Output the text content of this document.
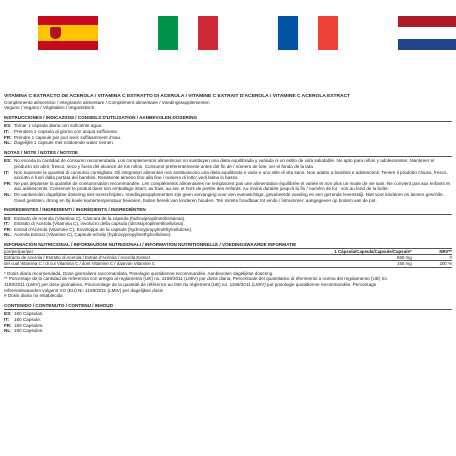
VITAMINA C EXTRACTO DE ACEROLA / VITAMINA C ESTRATTO DI ACEROLA / VITAMINE C EXTRAIT D'ACEROLA / VITAMINE C ACEROLA EXTRACT
Complemento alimenticio / Integratore alimentare / Complément alimentaire / Voedingssupplementen
Vegano / Vegano / Végétalien / Veganistisch
INSTRUCCIONES / INDICAZIONI / CONSEILS D'UTILISATION / AANBEVOLEN DOSERING
ES: Tomar 1 cápsula diaria con suficiente agua.
IT:	Prendere 1 capsula al giorno con acqua sufficiente.
FR: Prendre 1 capsule par jour avec suffisamment d'eau.
NL: Dagelijks 1 capsule met voldoende water nemen.
NOTAS / NOTE / NOTES / NOTITIE
ES: No exceda la cantidad de consumo recomendada. Los complementos alimenticios no sustituyen una dieta equilibrada y variada ni un estilo de vida saludable. No apto para niños y adolescentes. Mantener el producto sin abrir, fresco, seco y fuera del alcance de los niños. Consumir preferentemente antes del fin de / número de lote: ver el fondo de la lata.
IT:	Non superare la quantità di consumo consigliata. Gli integratori alimentari non sostituiscono una dieta equilibrata e varia e uno stile di vita sano. Non adatto a bambini e adolescenti. Tenere il prodotto chiuso, fresco, asciutto e fuori dalla portata dei bambini. Resistente almeno fino alla fine / numero di lotto: vedi latina in basso.
FR: Ne pas dépasser la quantité de consommation recommandée. Les compléments alimentaires ne remplacent pas une alimentation équilibrée et variée et non plus un mode de vie sain. Ne convient pas aux enfants et aux adolescents. Conserver le produit dans son emballage intact, au frais, au sec et hors de portée des enfants. Au moins durable jusqu'à la fin / numéro de lot : voir au fond de la boîte.
NL: De aanbevolen dagelijkse dosering niet overschrijden. Voedingssupplementen zijn geen vervanging voor een evenwichtige, gevarieerde voeding en een gezonde levensstijl. Niet voor kinderen en tieners geschikt. Goed gesloten, droog en bij koele kamertemperatuur bewaren, buiten bereik van kinderen houden. Ten minste houdbaar tot einde / lotnummer: aangegeven op bodem van de pot.
INGREDIENTES / INGREDIENTI / INGRÉDIENTS / INGREDIËNTEN
ES: Extracto de Acerola (Vitamina C), Cáscara de la cápsula (hidroxipropilmetilcelulosa).
IT:	Estratto di Acerola (Vitamina C), involucro della capsula (idrossipropilmetilcellulosa).
FR: Extrait d'Acérola (Vitamine C), Enveloppe de la capsule (hydroxypropylméthylcellulose).
NL: Acerola Extract (Vitamine C), Capsule-schelp (hydroxypropylmethylcellulose).
INFORMACIÓN NUTRICIONAL / INFORMAZIONI NUTRIZIONALI / INFORMATION NUTRITIONNELLE / VOEDINGSWAARDE INFORMATIE
por/per/par/per	1 Cápsula/Capsula/Capsule/Capsule*	NRV**
Extracto de Acerola / Estratto di Acerola / Extrait d'Acérola / Acerola Extract	860 mg	#
del cual Vitamina C / di cui Vitamina C / dont Vitamine C / daarvan Vitamine C	160 mg	200 %
* Dosis diaria recomendada, Dose giornaliera raccomandata, Posologie quotidienne recommandée, Aanbevolen dagelijkse dosering
** Porcentaje de la cantidad de referencia con arreglo al reglamento (UE) no. 1169/2011 (LMIV) por dosis diaria, Percentuale del quantitativo di riferimento a norma del regolamento (UE) no.
1169/2011 (LMIV) per dose giornaliera, Pourcentage de la quantité de référence au titre du règlement (UE) no. 1169/2011 (LMIV) par posologie quotidienne recommandée, Percentage
referentiewaarden volgens VO (EU) Nr. 1169/2011 (LMIV) per dagelijkse dosis
# Dosis diaria no establecida
CONTENIDO / CONTENUTO / CONTENU / INHOUD
ES: 180 Cápsulas.
IT:	180 Capsule.
FR: 180 Capsules.
NL: 180 Capsules.
